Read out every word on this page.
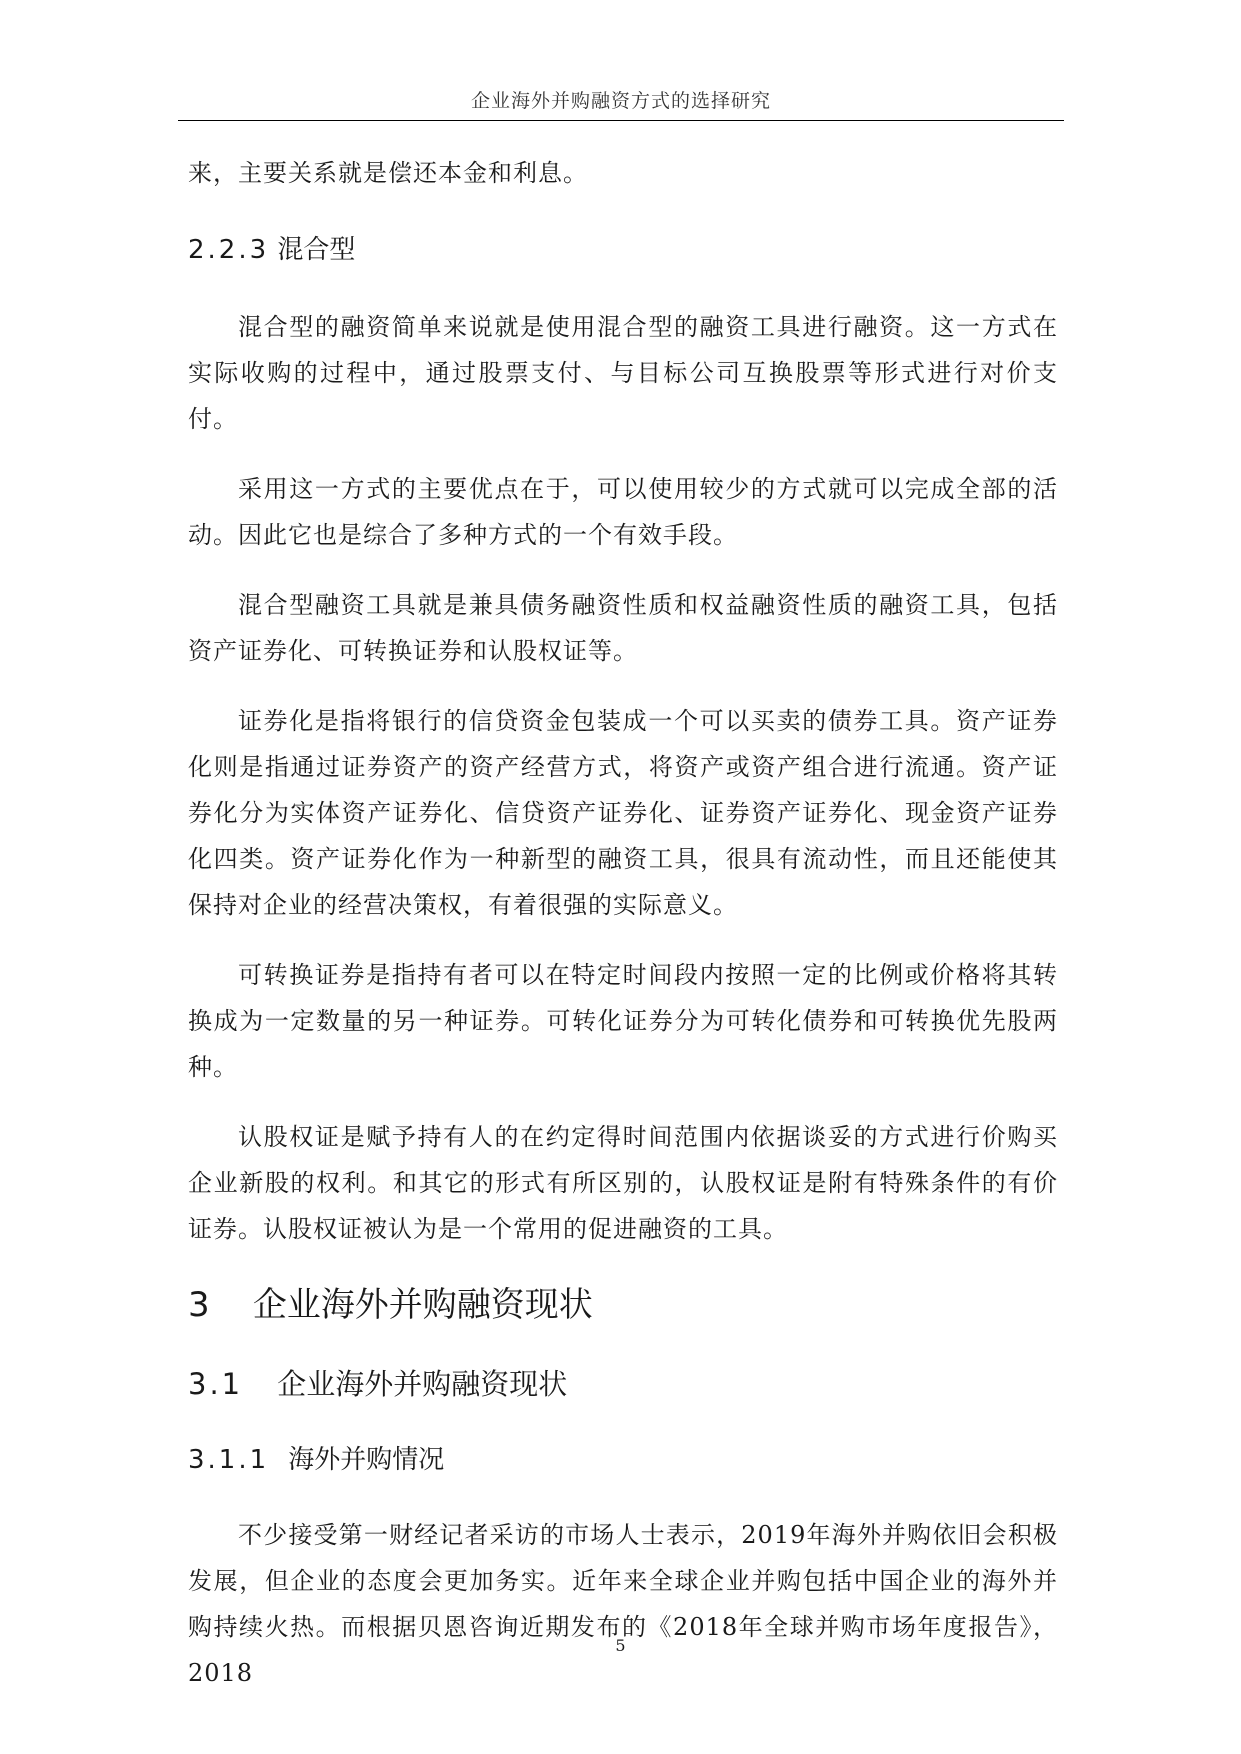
企业海外并购融资方式的选择研究

来，主要关系就是偿还本金和利息。

2.2.3 混合型

混合型的融资简单来说就是使用混合型的融资工具进行融资。这一方式在实际收购的过程中，通过股票支付、与目标公司互换股票等形式进行对价支付。

采用这一方式的主要优点在于，可以使用较少的方式就可以完成全部的活动。因此它也是综合了多种方式的一个有效手段。

混合型融资工具就是兼具债务融资性质和权益融资性质的融资工具，包括资产证券化、可转换证券和认股权证等。

证券化是指将银行的信贷资金包装成一个可以买卖的债券工具。资产证券化则是指通过证券资产的资产经营方式，将资产或资产组合进行流通。资产证券化分为实体资产证券化、信贷资产证券化、证券资产证券化、现金资产证券化四类。资产证券化作为一种新型的融资工具，很具有流动性，而且还能使其保持对企业的经营决策权，有着很强的实际意义。

可转换证券是指持有者可以在特定时间段内按照一定的比例或价格将其转换成为一定数量的另一种证券。可转化证券分为可转化债券和可转换优先股两种。

认股权证是赋予持有人的在约定得时间范围内依据谈妥的方式进行价购买企业新股的权利。和其它的形式有所区别的，认股权证是附有特殊条件的有价证券。认股权证被认为是一个常用的促进融资的工具。

3 企业海外并购融资现状
3.1 企业海外并购融资现状
3.1.1 海外并购情况

不少接受第一财经记者采访的市场人士表示，2019年海外并购依旧会积极发展，但企业的态度会更加务实。近年来全球企业并购包括中国企业的海外并购持续火热。而根据贝恩咨询近期发布的《2018年全球并购市场年度报告》，2018

5
